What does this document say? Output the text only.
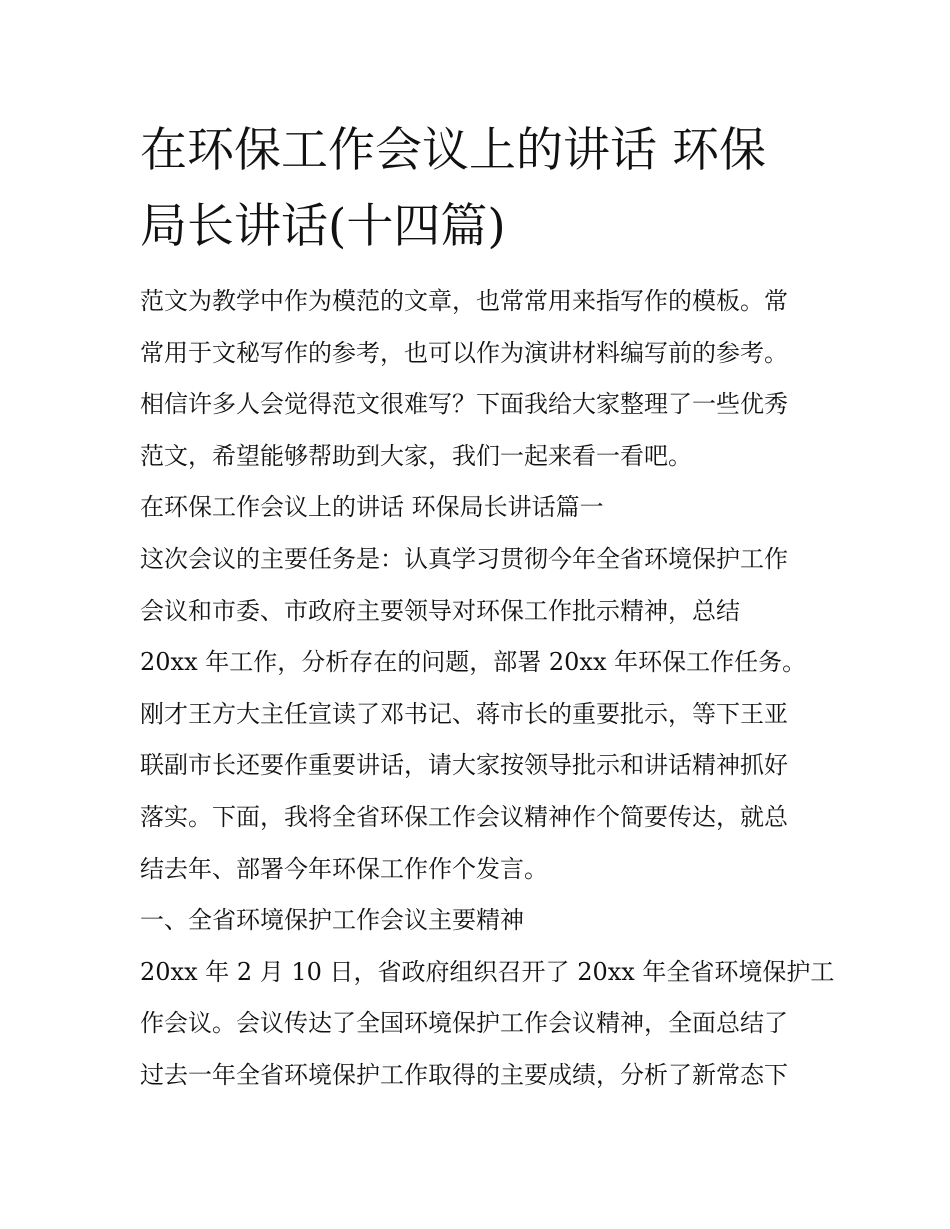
在环保工作会议上的讲话 环保
局长讲话(十四篇)
范文为教学中作为模范的文章，也常常用来指写作的模板。常
常用于文秘写作的参考，也可以作为演讲材料编写前的参考。
相信许多人会觉得范文很难写？下面我给大家整理了一些优秀
范文，希望能够帮助到大家，我们一起来看一看吧。
在环保工作会议上的讲话 环保局长讲话篇一
这次会议的主要任务是：认真学习贯彻今年全省环境保护工作
会议和市委、市政府主要领导对环保工作批示精神，总结
20xx 年工作，分析存在的问题，部署 20xx 年环保工作任务。
刚才王方大主任宣读了邓书记、蒋市长的重要批示，等下王亚
联副市长还要作重要讲话，请大家按领导批示和讲话精神抓好
落实。下面，我将全省环保工作会议精神作个简要传达，就总
结去年、部署今年环保工作作个发言。
一、全省环境保护工作会议主要精神
20xx 年 2 月 10 日，省政府组织召开了 20xx 年全省环境保护工
作会议。会议传达了全国环境保护工作会议精神，全面总结了
过去一年全省环境保护工作取得的主要成绩，分析了新常态下
